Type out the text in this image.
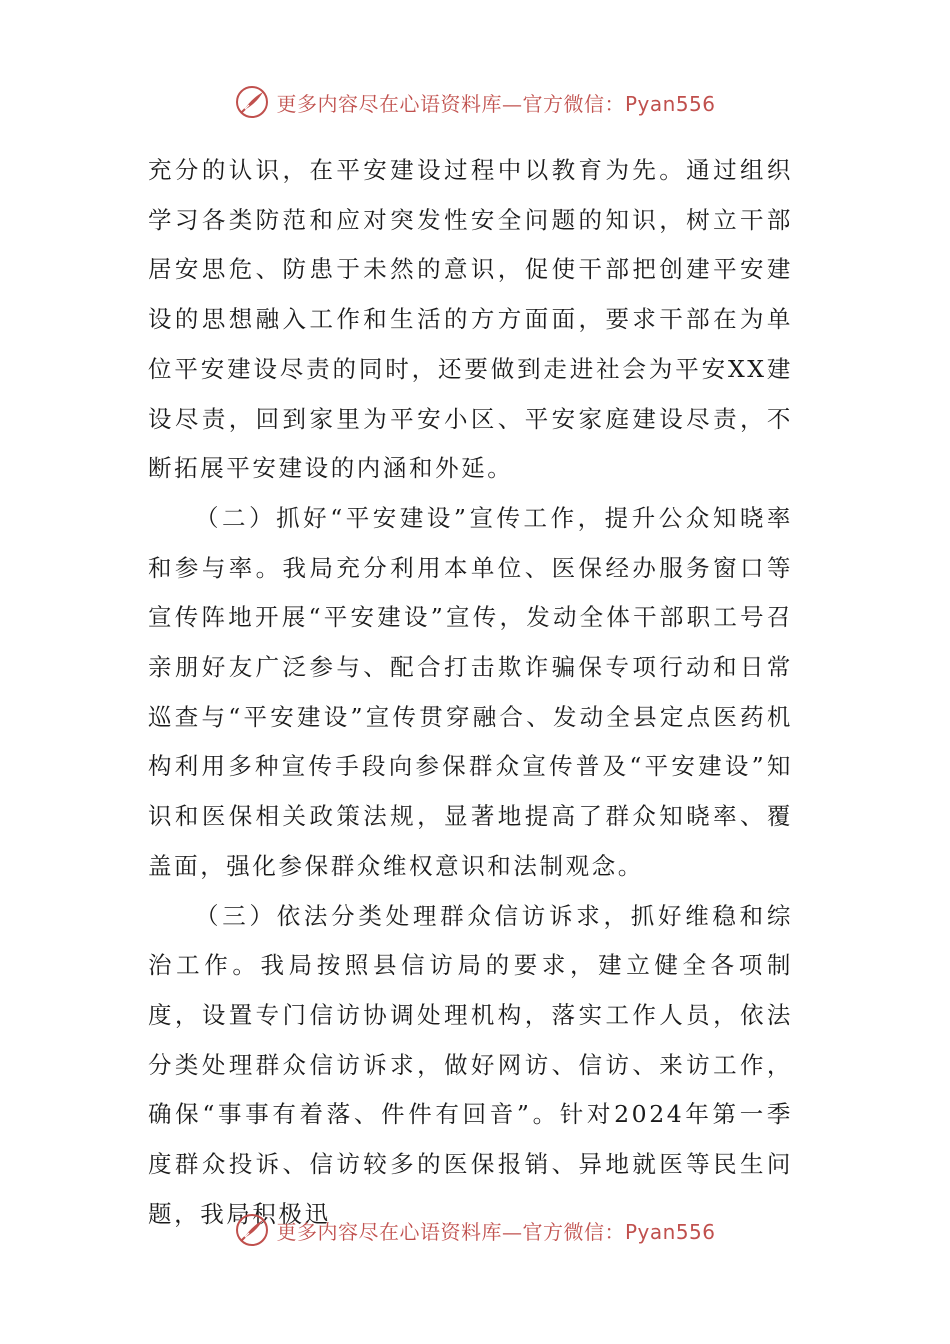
更多内容尽在心语资料库—官方微信：Pyan556

充分的认识，在平安建设过程中以教育为先。通过组织学习各类防范和应对突发性安全问题的知识，树立干部居安思危、防患于未然的意识，促使干部把创建平安建设的思想融入工作和生活的方方面面，要求干部在为单位平安建设尽责的同时，还要做到走进社会为平安XX建设尽责，回到家里为平安小区、平安家庭建设尽责，不断拓展平安建设的内涵和外延。

（二）抓好“平安建设”宣传工作，提升公众知晓率和参与率。我局充分利用本单位、医保经办服务窗口等宣传阵地开展“平安建设”宣传，发动全体干部职工号召亲朋好友广泛参与、配合打击欺诈骗保专项行动和日常巡查与“平安建设”宣传贯穿融合、发动全县定点医药机构利用多种宣传手段向参保群众宣传普及“平安建设”知识和医保相关政策法规，显著地提高了群众知晓率、覆盖面，强化参保群众维权意识和法制观念。

（三）依法分类处理群众信访诉求，抓好维稳和综治工作。我局按照县信访局的要求，建立健全各项制度，设置专门信访协调处理机构，落实工作人员，依法分类处理群众信访诉求，做好网访、信访、来访工作，确保“事事有着落、件件有回音”。针对2024年第一季度群众投诉、信访较多的医保报销、异地就医等民生问题，我局积极迅

更多内容尽在心语资料库—官方微信：Pyan556
